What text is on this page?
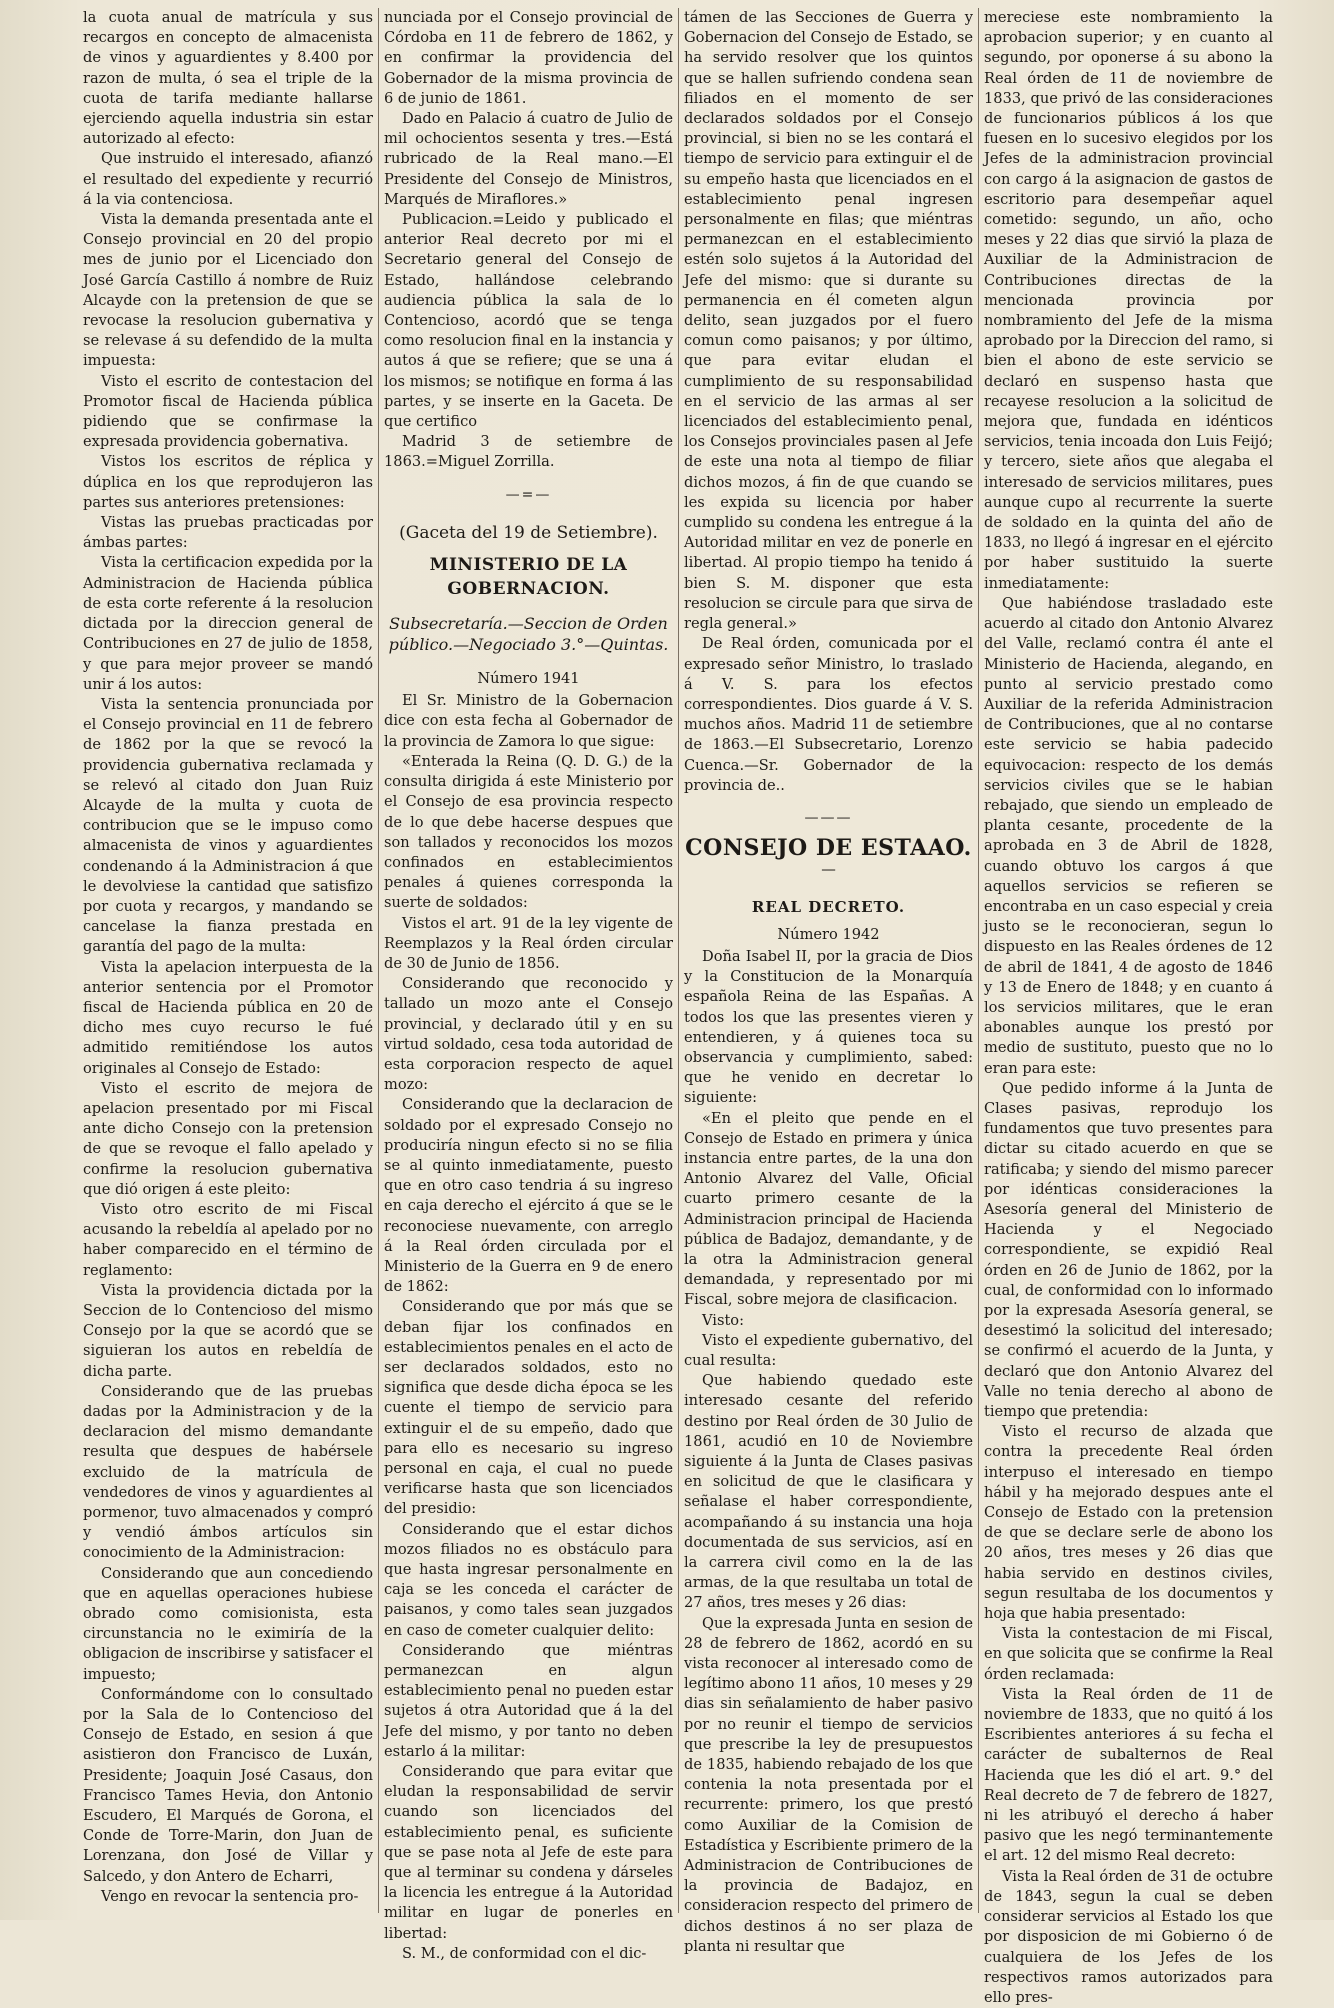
la cuota anual de matrícula y sus recargos en concepto de almacenista de vinos y aguardientes y 8.400 por razon de multa, ó sea el triple de la cuota de tarifa mediante hallarse ejerciendo aquella industria sin estar autorizado al efecto:

Que instruido el interesado, afianzó el resultado del expediente y recurrió á la via contenciosa.

Vista la demanda presentada ante el Consejo provincial en 20 del propio mes de junio por el Licenciado don José García Castillo á nombre de Ruiz Alcayde con la pretension de que se revocase la resolucion gubernativa y se relevase á su defendido de la multa impuesta:

Visto el escrito de contestacion del Promotor fiscal de Hacienda pública pidiendo que se confirmase la expresada providencia gobernativa.

Vistos los escritos de réplica y dúplica en los que reprodujeron las partes sus anteriores pretensiones:

Vistas las pruebas practicadas por ámbas partes:

Vista la certificacion expedida por la Administracion de Hacienda pública de esta corte referente á la resolucion dictada por la direccion general de Contribuciones en 27 de julio de 1858, y que para mejor proveer se mandó unir á los autos:

Vista la sentencia pronunciada por el Consejo provincial en 11 de febrero de 1862 por la que se revocó la providencia gubernativa reclamada y se relevó al citado don Juan Ruiz Alcayde de la multa y cuota de contribucion que se le impuso como almacenista de vinos y aguardientes condenando á la Administracion á que le devolviese la cantidad que satisfizo por cuota y recargos, y mandando se cancelase la fianza prestada en garantía del pago de la multa:

Vista la apelacion interpuesta de la anterior sentencia por el Promotor fiscal de Hacienda pública en 20 de dicho mes cuyo recurso le fué admitido remitiéndose los autos originales al Consejo de Estado:

Visto el escrito de mejora de apelacion presentado por mi Fiscal ante dicho Consejo con la pretension de que se revoque el fallo apelado y confirme la resolucion gubernativa que dió origen á este pleito:

Visto otro escrito de mi Fiscal acusando la rebeldía al apelado por no haber comparecido en el término de reglamento:

Vista la providencia dictada por la Seccion de lo Contencioso del mismo Consejo por la que se acordó que se siguieran los autos en rebeldía de dicha parte.

Considerando que de las pruebas dadas por la Administracion y de la declaracion del mismo demandante resulta que despues de habérsele excluido de la matrícula de vendedores de vinos y aguardientes al pormenor, tuvo almacenados y compró y vendió ámbos artículos sin conocimiento de la Administracion:

Considerando que aun concediendo que en aquellas operaciones hubiese obrado como comisionista, esta circunstancia no le eximiría de la obligacion de inscribirse y satisfacer el impuesto;

Conformándome con lo consultado por la Sala de lo Contencioso del Consejo de Estado, en sesion á que asistieron don Francisco de Luxán, Presidente; Joaquin José Casaus, don Francisco Tames Hevia, don Antonio Escudero, El Marqués de Gorona, el Conde de Torre-Marin, don Juan de Lorenzana, don José de Villar y Salcedo, y don Antero de Echarri,

Vengo en revocar la sentencia pro-

nunciada por el Consejo provincial de Córdoba en 11 de febrero de 1862, y en confirmar la providencia del Gobernador de la misma provincia de 6 de junio de 1861.

Dado en Palacio á cuatro de Julio de mil ochocientos sesenta y tres.—Está rubricado de la Real mano.—El Presidente del Consejo de Ministros, Marqués de Miraflores.»

Publicacion.=Leido y publicado el anterior Real decreto por mi el Secretario general del Consejo de Estado, hallándose celebrando audiencia pública la sala de lo Contencioso, acordó que se tenga como resolucion final en la instancia y autos á que se refiere; que se una á los mismos; se notifique en forma á las partes, y se inserte en la Gaceta. De que certifico

Madrid 3 de setiembre de 1863.=Miguel Zorrilla.

—=—
(Gaceta del 19 de Setiembre).
MINISTERIO DE LA GOBERNACION.
Subsecretaría.—Seccion de Orden público.—Negociado 3.°—Quintas.
Número 1941

El Sr. Ministro de la Gobernacion dice con esta fecha al Gobernador de la provincia de Zamora lo que sigue:

«Enterada la Reina (Q. D. G.) de la consulta dirigida á este Ministerio por el Consejo de esa provincia respecto de lo que debe hacerse despues que son tallados y reconocidos los mozos confinados en establecimientos penales á quienes corresponda la suerte de soldados:

Vistos el art. 91 de la ley vigente de Reemplazos y la Real órden circular de 30 de Junio de 1856.

Considerando que reconocido y tallado un mozo ante el Consejo provincial, y declarado útil y en su virtud soldado, cesa toda autoridad de esta corporacion respecto de aquel mozo:

Considerando que la declaracion de soldado por el expresado Consejo no produciría ningun efecto si no se filia se al quinto inmediatamente, puesto que en otro caso tendria á su ingreso en caja derecho el ejército á que se le reconociese nuevamente, con arreglo á la Real órden circulada por el Ministerio de la Guerra en 9 de enero de 1862:

Considerando que por más que se deban fijar los confinados en establecimientos penales en el acto de ser declarados soldados, esto no significa que desde dicha época se les cuente el tiempo de servicio para extinguir el de su empeño, dado que para ello es necesario su ingreso personal en caja, el cual no puede verificarse hasta que son licenciados del presidio:

Considerando que el estar dichos mozos filiados no es obstáculo para que hasta ingresar personalmente en caja se les conceda el carácter de paisanos, y como tales sean juzgados en caso de cometer cualquier delito:

Considerando que miéntras permanezcan en algun establecimiento penal no pueden estar sujetos á otra Autoridad que á la del Jefe del mismo, y por tanto no deben estarlo á la militar:

Considerando que para evitar que eludan la responsabilidad de servir cuando son licenciados del establecimiento penal, es suficiente que se pase nota al Jefe de este para que al terminar su condena y dárseles la licencia les entregue á la Autoridad militar en lugar de ponerles en libertad:

S. M., de conformidad con el dic-

támen de las Secciones de Guerra y Gobernacion del Consejo de Estado, se ha servido resolver que los quintos que se hallen sufriendo condena sean filiados en el momento de ser declarados soldados por el Consejo provincial, si bien no se les contará el tiempo de servicio para extinguir el de su empeño hasta que licenciados en el establecimiento penal ingresen personalmente en filas; que miéntras permanezcan en el establecimiento estén solo sujetos á la Autoridad del Jefe del mismo: que si durante su permanencia en él cometen algun delito, sean juzgados por el fuero comun como paisanos; y por último, que para evitar eludan el cumplimiento de su responsabilidad en el servicio de las armas al ser licenciados del establecimiento penal, los Consejos provinciales pasen al Jefe de este una nota al tiempo de filiar dichos mozos, á fin de que cuando se les expida su licencia por haber cumplido su condena les entregue á la Autoridad militar en vez de ponerle en libertad. Al propio tiempo ha tenido á bien S. M. disponer que esta resolucion se circule para que sirva de regla general.»

De Real órden, comunicada por el expresado señor Ministro, lo traslado á V. S. para los efectos correspondientes. Dios guarde á V. S. muchos años. Madrid 11 de setiembre de 1863.—El Subsecretario, Lorenzo Cuenca.—Sr. Gobernador de la provincia de..

———
CONSEJO DE ESTAAO.
—
REAL DECRETO.
Número 1942

Doña Isabel II, por la gracia de Dios y la Constitucion de la Monarquía española Reina de las Españas. A todos los que las presentes vieren y entendieren, y á quienes toca su observancia y cumplimiento, sabed: que he venido en decretar lo siguiente:

«En el pleito que pende en el Consejo de Estado en primera y única instancia entre partes, de la una don Antonio Alvarez del Valle, Oficial cuarto primero cesante de la Administracion principal de Hacienda pública de Badajoz, demandante, y de la otra la Administracion general demandada, y representado por mi Fiscal, sobre mejora de clasificacion.

Visto:

Visto el expediente gubernativo, del cual resulta:

Que habiendo quedado este interesado cesante del referido destino por Real órden de 30 Julio de 1861, acudió en 10 de Noviembre siguiente á la Junta de Clases pasivas en solicitud de que le clasificara y señalase el haber correspondiente, acompañando á su instancia una hoja documentada de sus servicios, así en la carrera civil como en la de las armas, de la que resultaba un total de 27 años, tres meses y 26 dias:

Que la expresada Junta en sesion de 28 de febrero de 1862, acordó en su vista reconocer al interesado como de legítimo abono 11 años, 10 meses y 29 dias sin señalamiento de haber pasivo por no reunir el tiempo de servicios que prescribe la ley de presupuestos de 1835, habiendo rebajado de los que contenia la nota presentada por el recurrente: primero, los que prestó como Auxiliar de la Comision de Estadística y Escribiente primero de la Administracion de Contribuciones de la provincia de Badajoz, en consideracion respecto del primero de dichos destinos á no ser plaza de planta ni resultar que

mereciese este nombramiento la aprobacion superior; y en cuanto al segundo, por oponerse á su abono la Real órden de 11 de noviembre de 1833, que privó de las consideraciones de funcionarios públicos á los que fuesen en lo sucesivo elegidos por los Jefes de la administracion provincial con cargo á la asignacion de gastos de escritorio para desempeñar aquel cometido: segundo, un año, ocho meses y 22 dias que sirvió la plaza de Auxiliar de la Administracion de Contribuciones directas de la mencionada provincia por nombramiento del Jefe de la misma aprobado por la Direccion del ramo, si bien el abono de este servicio se declaró en suspenso hasta que recayese resolucion a la solicitud de mejora que, fundada en idénticos servicios, tenia incoada don Luis Feijó; y tercero, siete años que alegaba el interesado de servicios militares, pues aunque cupo al recurrente la suerte de soldado en la quinta del año de 1833, no llegó á ingresar en el ejército por haber sustituido la suerte inmediatamente:

Que habiéndose trasladado este acuerdo al citado don Antonio Alvarez del Valle, reclamó contra él ante el Ministerio de Hacienda, alegando, en punto al servicio prestado como Auxiliar de la referida Administracion de Contribuciones, que al no contarse este servicio se habia padecido equivocacion: respecto de los demás servicios civiles que se le habian rebajado, que siendo un empleado de planta cesante, procedente de la aprobada en 3 de Abril de 1828, cuando obtuvo los cargos á que aquellos servicios se refieren se encontraba en un caso especial y creia justo se le reconocieran, segun lo dispuesto en las Reales órdenes de 12 de abril de 1841, 4 de agosto de 1846 y 13 de Enero de 1848; y en cuanto á los servicios militares, que le eran abonables aunque los prestó por medio de sustituto, puesto que no lo eran para este:

Que pedido informe á la Junta de Clases pasivas, reprodujo los fundamentos que tuvo presentes para dictar su citado acuerdo en que se ratificaba; y siendo del mismo parecer por idénticas consideraciones la Asesoría general del Ministerio de Hacienda y el Negociado correspondiente, se expidió Real órden en 26 de Junio de 1862, por la cual, de conformidad con lo informado por la expresada Asesoría general, se desestimó la solicitud del interesado; se confirmó el acuerdo de la Junta, y declaró que don Antonio Alvarez del Valle no tenia derecho al abono de tiempo que pretendia:

Visto el recurso de alzada que contra la precedente Real órden interpuso el interesado en tiempo hábil y ha mejorado despues ante el Consejo de Estado con la pretension de que se declare serle de abono los 20 años, tres meses y 26 dias que habia servido en destinos civiles, segun resultaba de los documentos y hoja que habia presentado:

Vista la contestacion de mi Fiscal, en que solicita que se confirme la Real órden reclamada:

Vista la Real órden de 11 de noviembre de 1833, que no quitó á los Escribientes anteriores á su fecha el carácter de subalternos de Real Hacienda que les dió el art. 9.° del Real decreto de 7 de febrero de 1827, ni les atribuyó el derecho á haber pasivo que les negó terminantemente el art. 12 del mismo Real decreto:

Vista la Real órden de 31 de octubre de 1843, segun la cual se deben considerar servicios al Estado los que por disposicion de mi Gobierno ó de cualquiera de los Jefes de los respectivos ramos autorizados para ello pres-
